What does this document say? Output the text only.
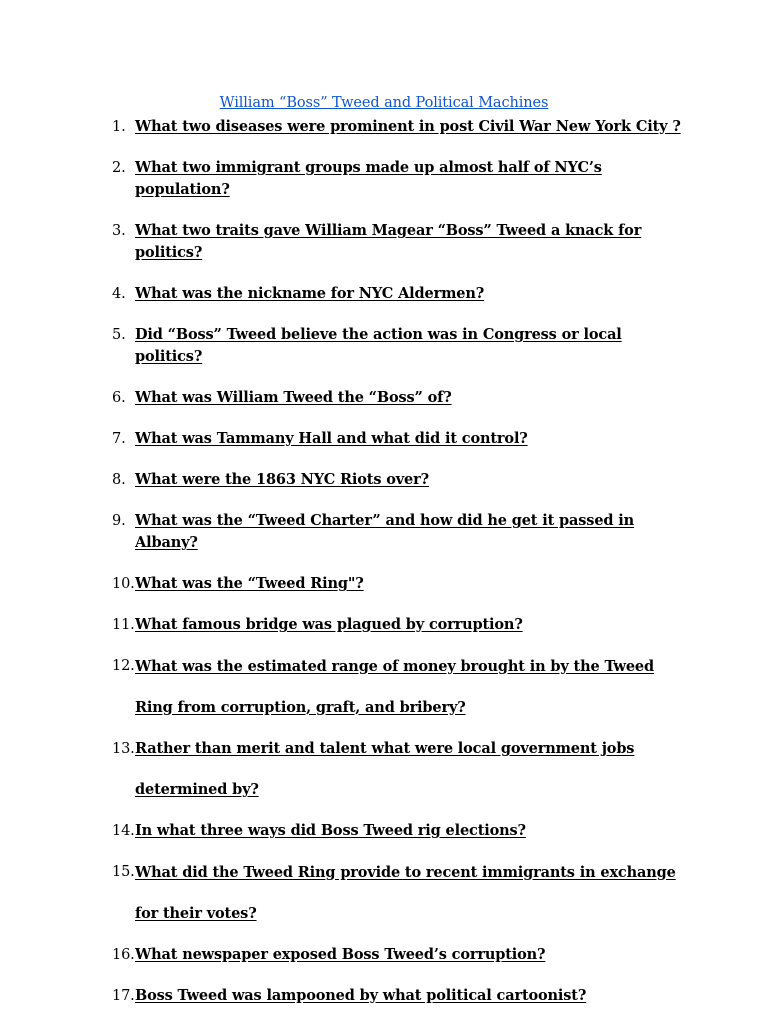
William “Boss” Tweed and Political Machines
1. What two diseases were prominent in post Civil War New York City ?
2. What two immigrant groups made up almost half of NYC’s population?
3. What two traits gave William Magear “Boss” Tweed a knack for politics?
4. What was the nickname for NYC Aldermen?
5. Did “Boss” Tweed believe the action was in Congress or local politics?
6. What was William Tweed the “Boss” of?
7. What was Tammany Hall and what did it control?
8. What were the 1863 NYC Riots over?
9. What was the “Tweed Charter” and how did he get it passed in Albany?
10. What was the “Tweed Ring"?
11. What famous bridge was plagued by corruption?
12. What was the estimated range of money brought in by the Tweed Ring from corruption, graft, and bribery?
13. Rather than merit and talent what were local government jobs determined by?
14. In what three ways did Boss Tweed rig elections?
15. What did the Tweed Ring provide to recent immigrants in exchange for their votes?
16. What newspaper exposed Boss Tweed’s corruption?
17. Boss Tweed was lampooned by what political cartoonist?
